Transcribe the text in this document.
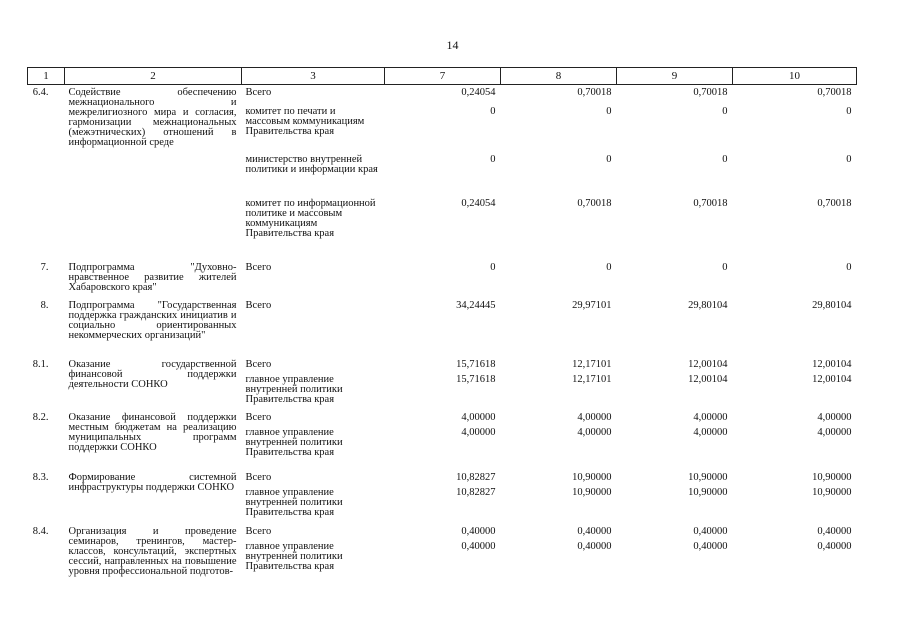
14
1	2	3	7	8	9	10
6.4.	Содействие обеспечению межнационального и межрелигиозного мира и согласия, гармонизации межнациональных (межэтнических) отношений в информационной среде	Всего	0,24054	0,70018	0,70018	0,70018
		комитет по печати и массовым коммуникациям Правительства края	0	0	0	0
		министерство внутренней политики и информации края	0	0	0	0
		комитет по информационной политике и массовым коммуникациям Правительства края	0,24054	0,70018	0,70018	0,70018
7.	Подпрограмма "Духовно-нравственное развитие жителей Хабаровского края"	Всего	0	0	0	0
8.	Подпрограмма "Государственная поддержка гражданских инициатив и социально ориентированных некоммерческих организаций"	Всего	34,24445	29,97101	29,80104	29,80104
8.1.	Оказание государственной финансовой поддержки деятельности СОНКО	Всего	15,71618	12,17101	12,00104	12,00104
		главное управление внутренней политики Правительства края	15,71618	12,17101	12,00104	12,00104
8.2.	Оказание финансовой поддержки местным бюджетам на реализацию муниципальных программ поддержки СОНКО	Всего	4,00000	4,00000	4,00000	4,00000
		главное управление внутренней политики Правительства края	4,00000	4,00000	4,00000	4,00000
8.3.	Формирование системной инфраструктуры поддержки СОНКО	Всего	10,82827	10,90000	10,90000	10,90000
		главное управление внутренней политики Правительства края	10,82827	10,90000	10,90000	10,90000
8.4.	Организация и проведение семинаров, тренингов, мастер-классов, консультаций, экспертных сессий, направленных на повышение уровня профессиональной подготов-	Всего	0,40000	0,40000	0,40000	0,40000
		главное управление внутренней политики Правительства края	0,40000	0,40000	0,40000	0,40000
